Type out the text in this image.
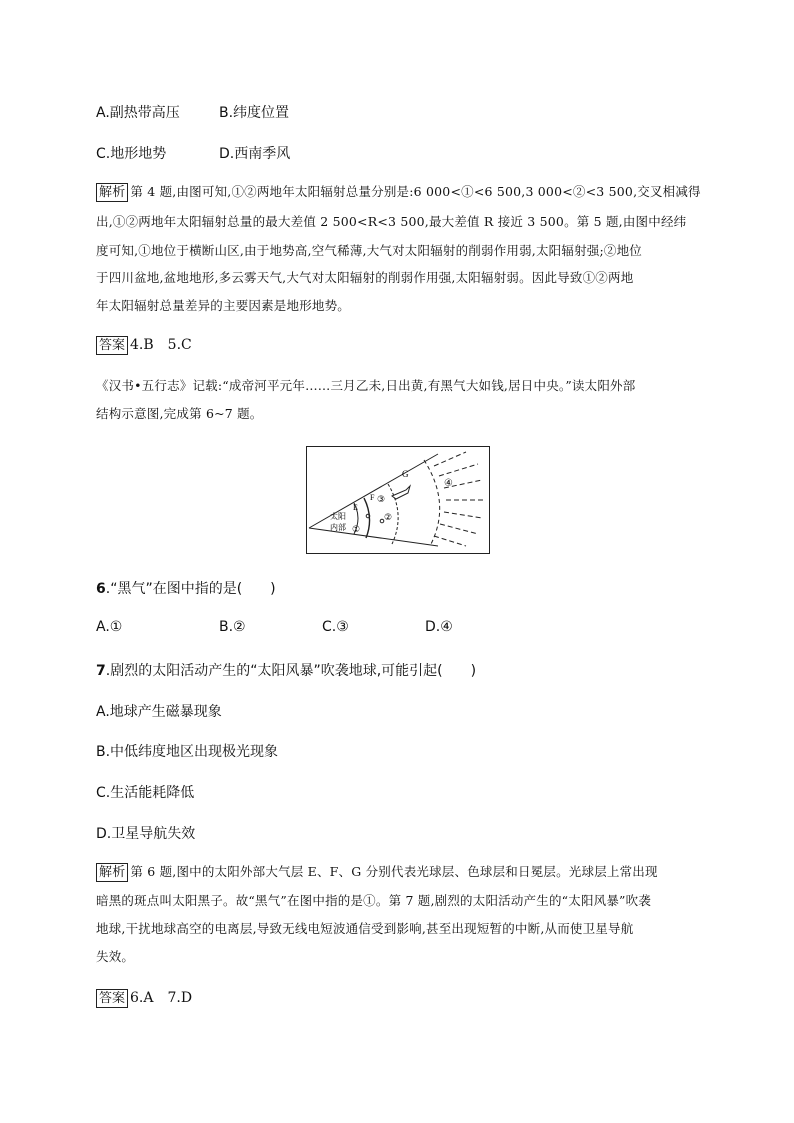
A.副热带高压	B.纬度位置
C.地形地势	D.西南季风
解析 第 4 题,由图可知,①②两地年太阳辐射总量分别是:6 000<①<6 500,3 000<②<3 500,交叉相减得
出,①②两地年太阳辐射总量的最大差值 2 500<R<3 500,最大差值 R 接近 3 500。第 5 题,由图中经纬
度可知,①地位于横断山区,由于地势高,空气稀薄,大气对太阳辐射的削弱作用弱,太阳辐射强;②地位
于四川盆地,盆地地形,多云雾天气,大气对太阳辐射的削弱作用强,太阳辐射弱。因此导致①②两地
年太阳辐射总量差异的主要因素是地形地势。
答案 4.B　5.C
《汉书•五行志》记载:“成帝河平元年……三月乙未,日出黄,有黑气大如钱,居日中央。”读太阳外部
结构示意图,完成第 6~7 题。
G
F
E
太阳
内部 ①
②
③
④
6.“黑气”在图中指的是(　　)
A.①	B.②	C.③	D.④
7.剧烈的太阳活动产生的“太阳风暴”吹袭地球,可能引起(　　)
A.地球产生磁暴现象
B.中低纬度地区出现极光现象
C.生活能耗降低
D.卫星导航失效
解析 第 6 题,图中的太阳外部大气层 E、F、G 分别代表光球层、色球层和日冕层。光球层上常出现
暗黑的斑点叫太阳黑子。故“黑气”在图中指的是①。第 7 题,剧烈的太阳活动产生的“太阳风暴”吹袭
地球,干扰地球高空的电离层,导致无线电短波通信受到影响,甚至出现短暂的中断,从而使卫星导航
失效。
答案 6.A　7.D
